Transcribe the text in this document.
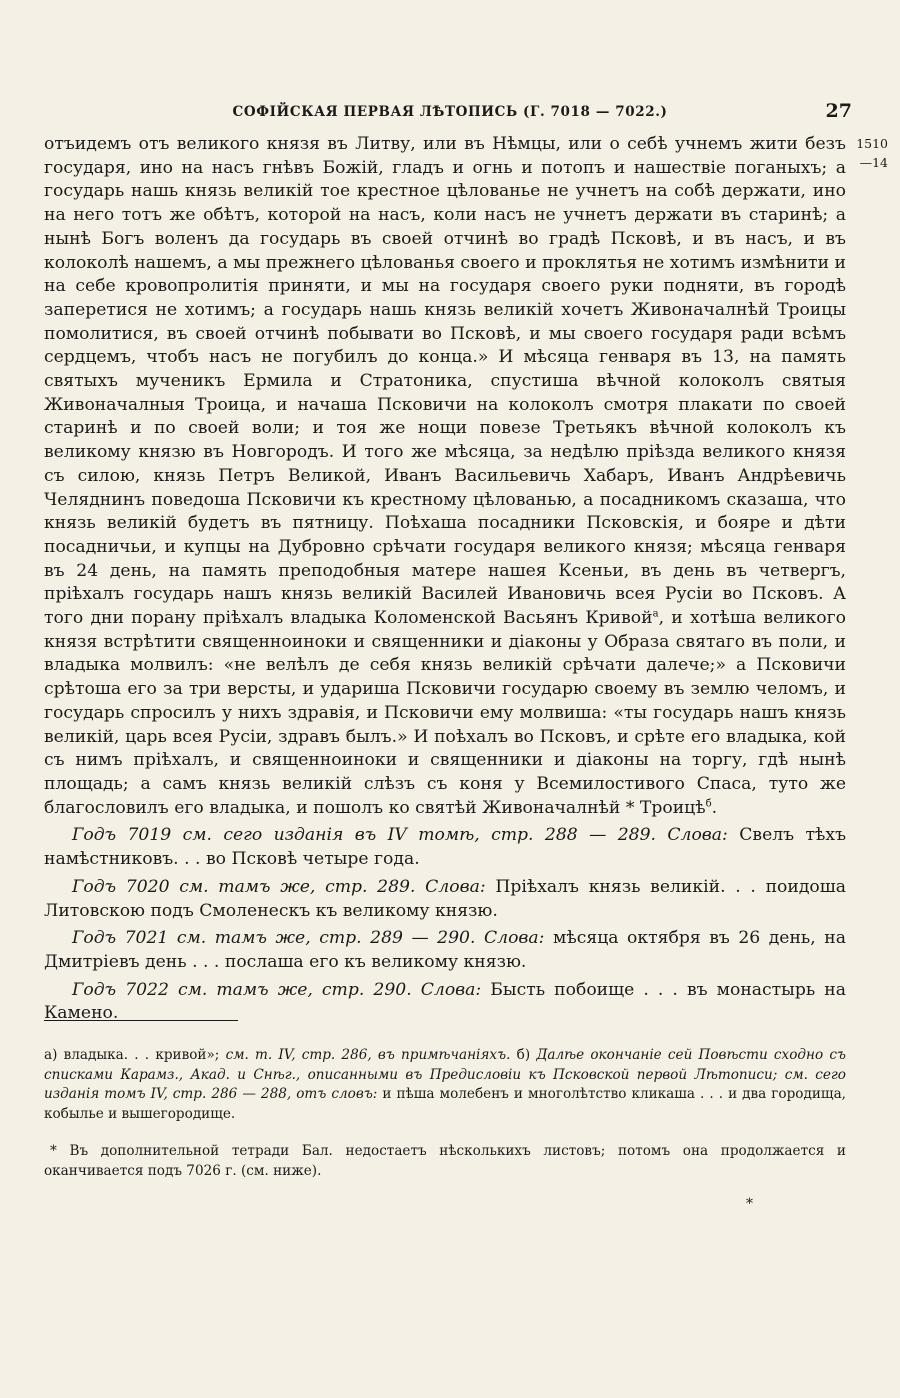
СОФІЙСКАЯ ПЕРВАЯ ЛѢТОПИСЬ (Г. 7018 — 7022.)	27
1510
—14

отъидемъ отъ великого князя въ Литву, или въ Нѣмцы, или о себѣ учнемъ жити безъ государя, ино на насъ гнѣвъ Божій, гладъ и огнь и потопъ и нашествіе поганыхъ; а государь нашь князь великій тое крестное цѣлованье не учнетъ на собѣ держати, ино на него тотъ же обѣтъ, которой на насъ, коли насъ не учнетъ держати въ старинѣ; а нынѣ Богъ воленъ да государь въ своей отчинѣ во градѣ Псковѣ, и въ насъ, и въ колоколѣ нашемъ, а мы прежнего цѣлованья своего и проклятья не хотимъ измѣнити и на себе кровопролитія приняти, и мы на государя своего руки подняти, въ городѣ заперетися не хотимъ; а государь нашь князь великій хочетъ Живоначалнѣй Троицы помолитися, въ своей отчинѣ побывати во Псковѣ, и мы своего государя ради всѣмъ сердцемъ, чтобъ насъ не погубилъ до конца.» И мѣсяца генваря въ 13, на память святыхъ мученикъ Ермила и Стратоника, спустиша вѣчной колоколъ святыя Живоначалныя Троица, и начаша Псковичи на колоколъ смотря плакати по своей старинѣ и по своей воли; и тоя же нощи повезе Третьякъ вѣчной колоколъ къ великому князю въ Новгородъ. И того же мѣсяца, за недѣлю пріѣзда великого князя съ силою, князь Петръ Великой, Иванъ Васильевичь Хабаръ, Иванъ Андрѣевичь Челяднинъ поведоша Псковичи къ крестному цѣлованью, а посадникомъ сказаша, что князь великій будетъ въ пятницу. Поѣхаша посадники Псковскія, и бояре и дѣти посадничьи, и купцы на Дубровно срѣчати государя великого князя; мѣсяца генваря въ 24 день, на память преподобныя матере нашея Ксеньи, въ день въ четвергъ, пріѣхалъ государь нашъ князь великій Василей Ивановичь всея Русіи во Псковъ. А того дни порану пріѣхалъ владыка Коломенской Васьянъ Кривой$^а$, и хотѣша великого князя встрѣтити священноиноки и священники и діаконы у Образа святаго въ поли, и владыка молвилъ: «не велѣлъ де себя князь великій срѣчати далече;» а Псковичи срѣтоша его за три версты, и удариша Псковичи государю своему въ землю челомъ, и государь спросилъ у нихъ здравія, и Псковичи ему молвиша: «ты государь нашъ князь великій, царь всея Русіи, здравъ былъ.» И поѣхалъ во Псковъ, и срѣте его владыка, кой съ нимъ пріѣхалъ, и священноиноки и священники и діаконы на торгу, гдѣ нынѣ площадь; а самъ князь великій слѣзъ съ коня у Всемилостивого Спаса, туто же благословилъ его владыка, и пошолъ ко святѣй Живоначалнѣй * Троицѣ$^б$.

Годъ 7019 см. сего изданія въ IV томѣ, стр. 288 — 289. Слова: Свелъ тѣхъ намѣстниковъ. . . во Псковѣ четыре года.

Годъ 7020 см. тамъ же, стр. 289. Слова: Пріѣхалъ князь великій. . . поидоша Литовскою подъ Смоленескъ къ великому князю.

Годъ 7021 см. тамъ же, стр. 289 — 290. Слова: мѣсяца октября въ 26 день, на Дмитріевъ день . . . послаша его къ великому князю.

Годъ 7022 см. тамъ же, стр. 290. Слова: Бысть побоище . . . въ монастырь на Камено.

а) владыка. . . кривой»; см. т. IV, стр. 286, въ примѣчаніяхъ. б) Далѣе окончаніе сей Повѣсти сходно съ списками Карамз., Акад. и Снѣг., описанными въ Предисловіи къ Псковской первой Лѣтописи; см. сего изданія томъ IV, стр. 286 — 288, отъ словъ: и пѣша молебенъ и многолѣтство кликаша . . . и два городища, кобылье и вышегородище.

* Въ дополнительной тетради Бал. недостаетъ нѣсколькихъ листовъ; потомъ она продолжается и оканчивается подъ 7026 г. (см. ниже).

*
